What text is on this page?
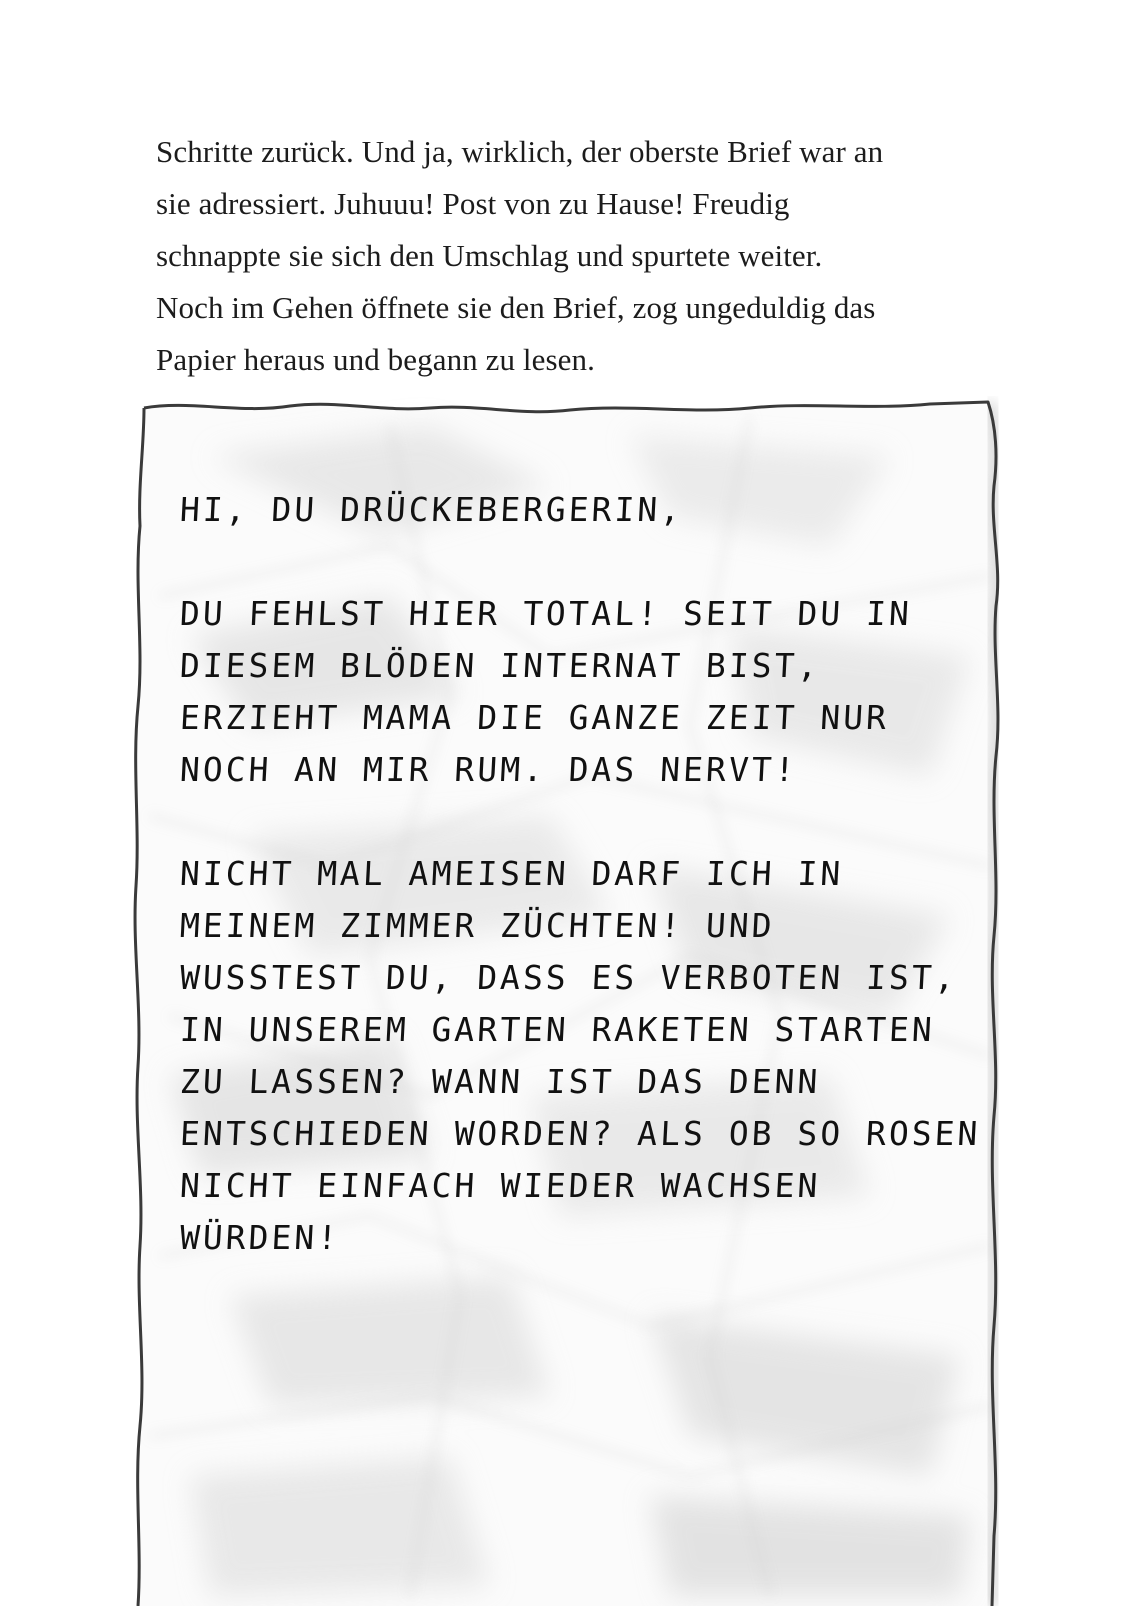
Schritte zurück. Und ja, wirklich, der oberste Brief war an
sie adressiert. Juhuuu! Post von zu Hause! Freudig
schnappte sie sich den Umschlag und spurtete weiter.
Noch im Gehen öffnete sie den Brief, zog ungeduldig das
Papier heraus und begann zu lesen.
HI, DU DRÜCKEBERGERIN,
DU FEHLST HIER TOTAL! SEIT DU IN
DIESEM BLÖDEN INTERNAT BIST,
ERZIEHT MAMA DIE GANZE ZEIT NUR
NOCH AN MIR RUM. DAS NERVT!
NICHT MAL AMEISEN DARF ICH IN
MEINEM ZIMMER ZÜCHTEN! UND
WUSSTEST DU, DASS ES VERBOTEN IST,
IN UNSEREM GARTEN RAKETEN STARTEN
ZU LASSEN? WANN IST DAS DENN
ENTSCHIEDEN WORDEN? ALS OB SO ROSEN
NICHT EINFACH WIEDER WACHSEN
WÜRDEN!
